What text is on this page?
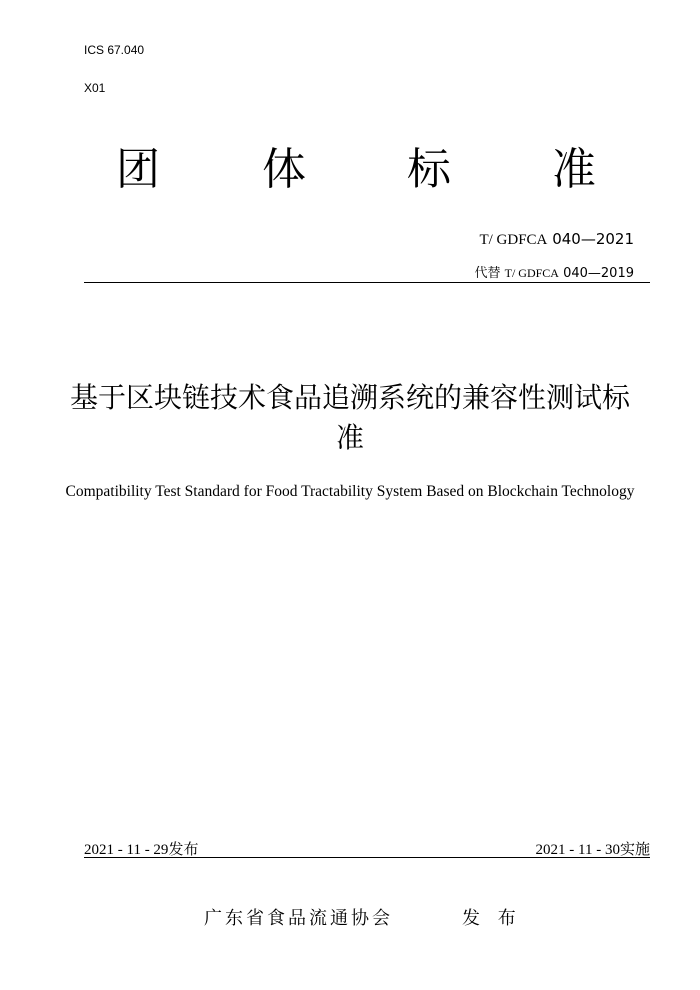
ICS 67.040
X01
团 体 标 准
T/ GDFCA 040—2021
代替 T/ GDFCA 040—2019
基于区块链技术食品追溯系统的兼容性测试标准
Compatibility Test Standard for Food Tractability System Based on Blockchain Technology
2021 - 11 - 29发布	2021 - 11 - 30实施
广东省食品流通协会	发 布
